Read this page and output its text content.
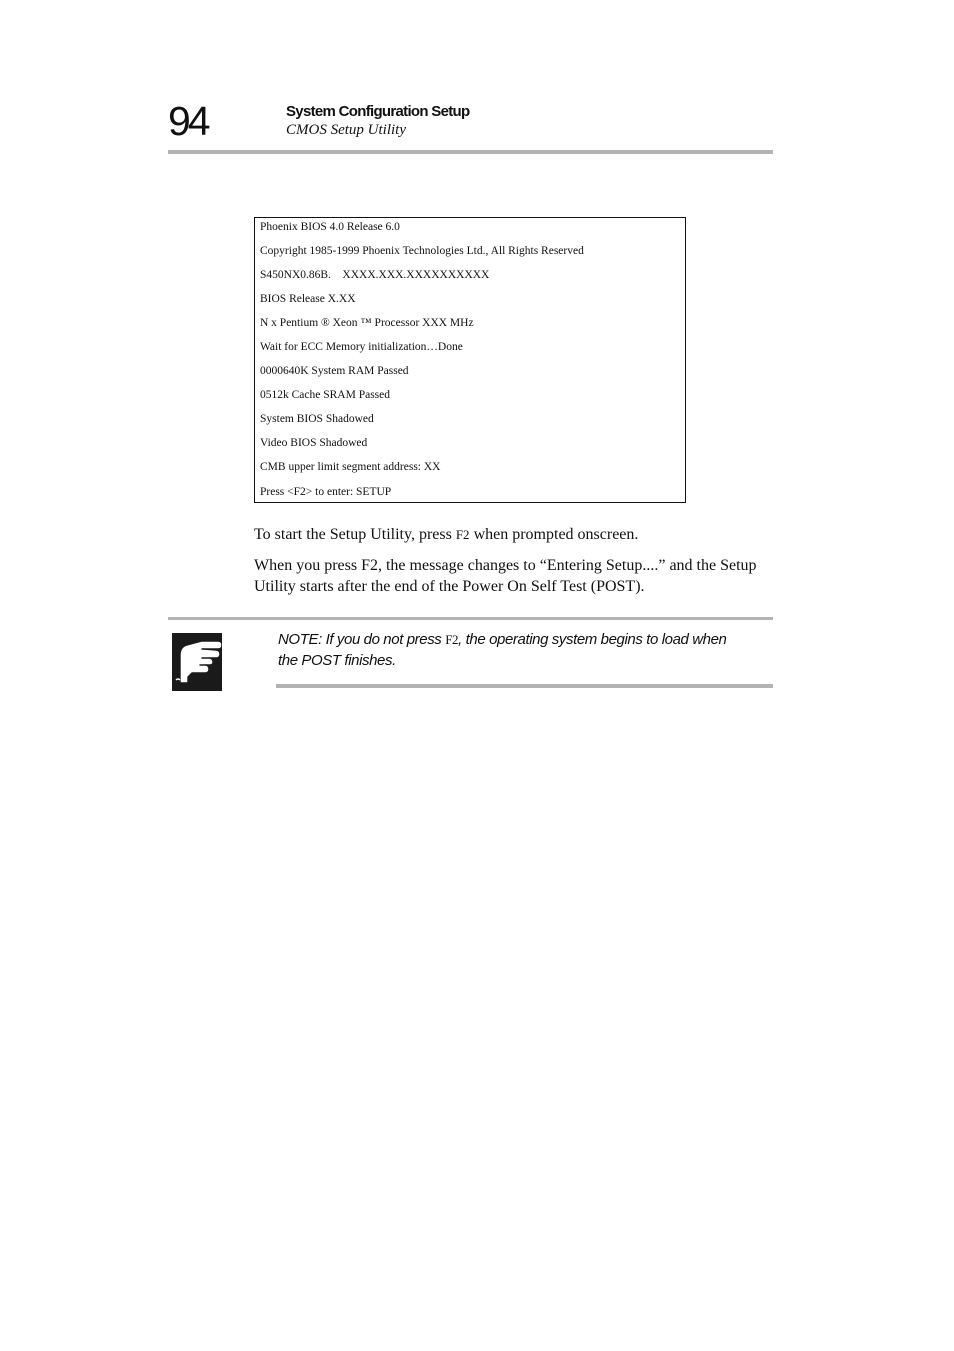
94	System Configuration Setup
CMOS Setup Utility
Phoenix BIOS 4.0 Release 6.0
Copyright 1985-1999 Phoenix Technologies Ltd., All Rights Reserved
S450NX0.86B.    XXXX.XXX.XXXXXXXXXX
BIOS Release X.XX
N x Pentium ® Xeon ™ Processor XXX MHz
Wait for ECC Memory initialization…Done
0000640K System RAM Passed
0512k Cache SRAM Passed
System BIOS Shadowed
Video BIOS Shadowed
CMB upper limit segment address: XX
Press <F2> to enter: SETUP
To start the Setup Utility, press F2 when prompted onscreen.
When you press F2, the message changes to “Entering Setup....” and the Setup Utility starts after the end of the Power On Self Test (POST).
NOTE: If you do not press F2, the operating system begins to load when the POST finishes.
